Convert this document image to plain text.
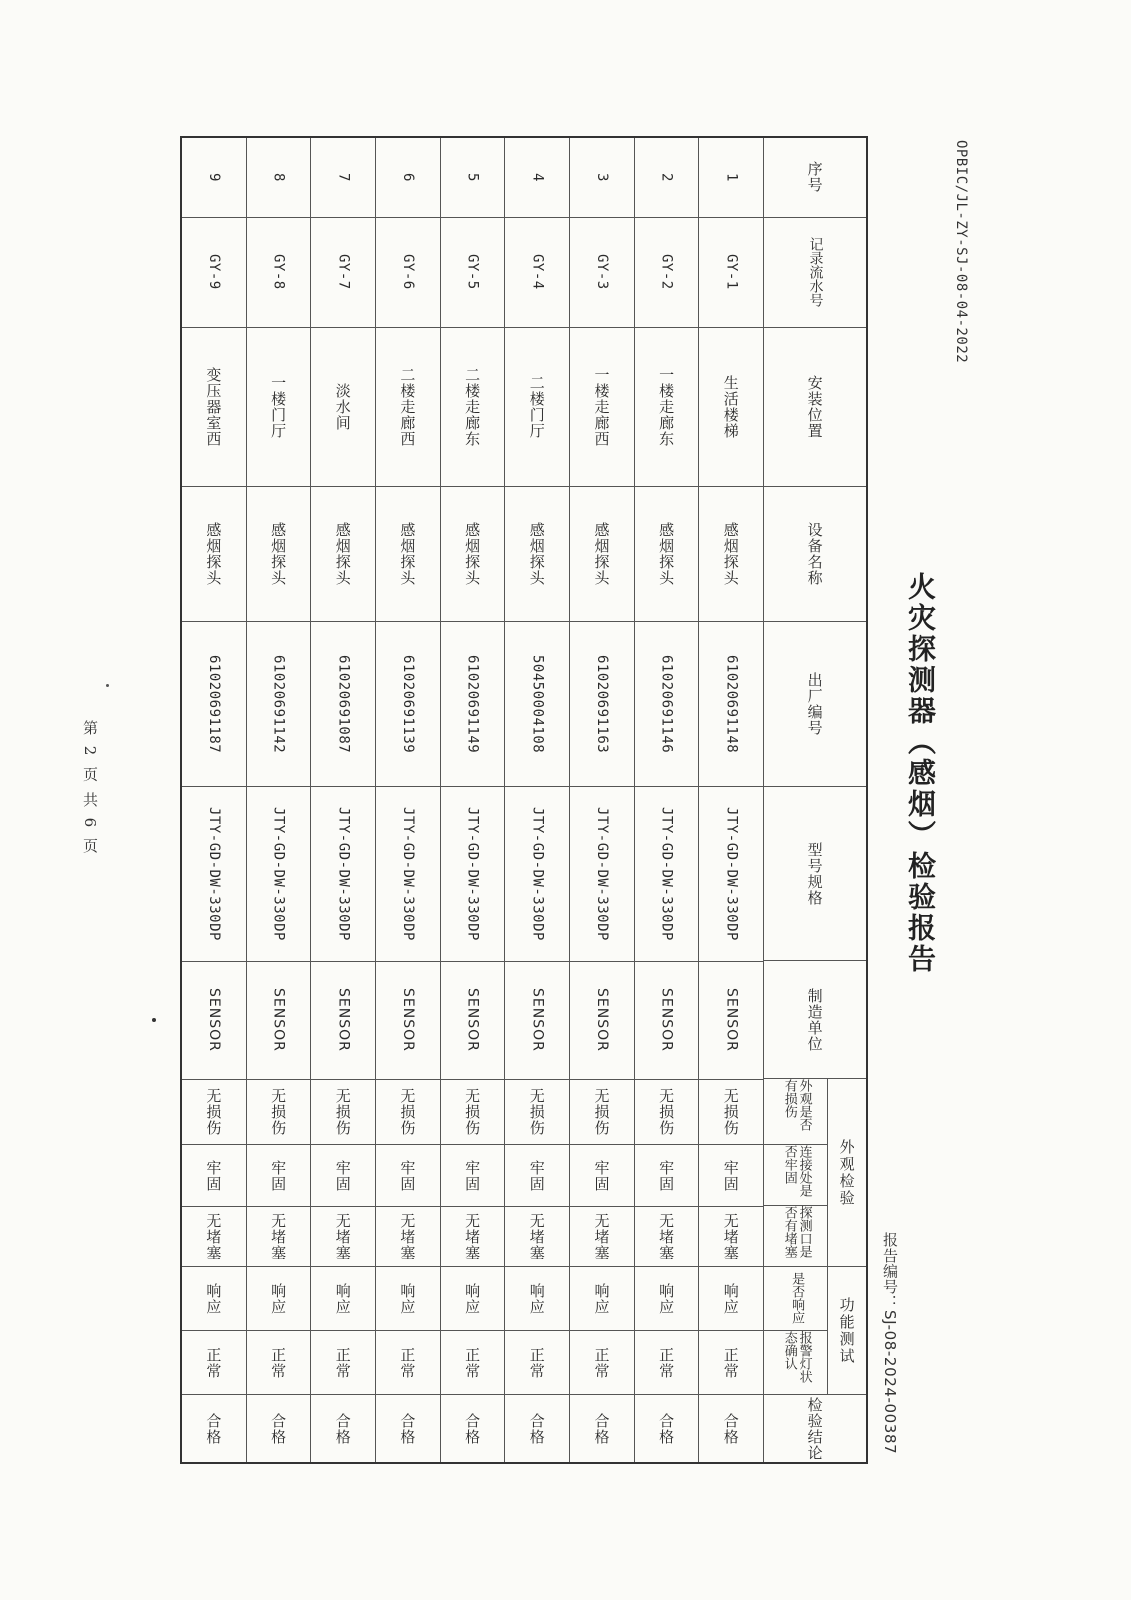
OPBIC/JL-ZY-SJ-08-04-2022
报告编号：SJ-08-2024-00387
火灾探测器（感烟）检验报告
第 2 页 共 6 页
序号
记录流水号
安装位置
设备名称
出厂编号
型号规格
制造单位
外观检验
外观是否有损伤
连接处是否牢固
探测口是否有堵塞
功能测试
是否响应
报警灯状态确认
检验结论
1
GY-1
生活楼梯
感烟探头
61020691148
JTY-GD-DW-330DP
SENSOR
无损伤
牢固
无堵塞
响应
正常
合格
2
GY-2
一楼走廊东
感烟探头
61020691146
JTY-GD-DW-330DP
SENSOR
无损伤
牢固
无堵塞
响应
正常
合格
3
GY-3
一楼走廊西
感烟探头
61020691163
JTY-GD-DW-330DP
SENSOR
无损伤
牢固
无堵塞
响应
正常
合格
4
GY-4
二楼门厅
感烟探头
50450004108
JTY-GD-DW-330DP
SENSOR
无损伤
牢固
无堵塞
响应
正常
合格
5
GY-5
二楼走廊东
感烟探头
61020691149
JTY-GD-DW-330DP
SENSOR
无损伤
牢固
无堵塞
响应
正常
合格
6
GY-6
二楼走廊西
感烟探头
61020691139
JTY-GD-DW-330DP
SENSOR
无损伤
牢固
无堵塞
响应
正常
合格
7
GY-7
淡水间
感烟探头
61020691087
JTY-GD-DW-330DP
SENSOR
无损伤
牢固
无堵塞
响应
正常
合格
8
GY-8
一楼门厅
感烟探头
61020691142
JTY-GD-DW-330DP
SENSOR
无损伤
牢固
无堵塞
响应
正常
合格
9
GY-9
变压器室西
感烟探头
61020691187
JTY-GD-DW-330DP
SENSOR
无损伤
牢固
无堵塞
响应
正常
合格
